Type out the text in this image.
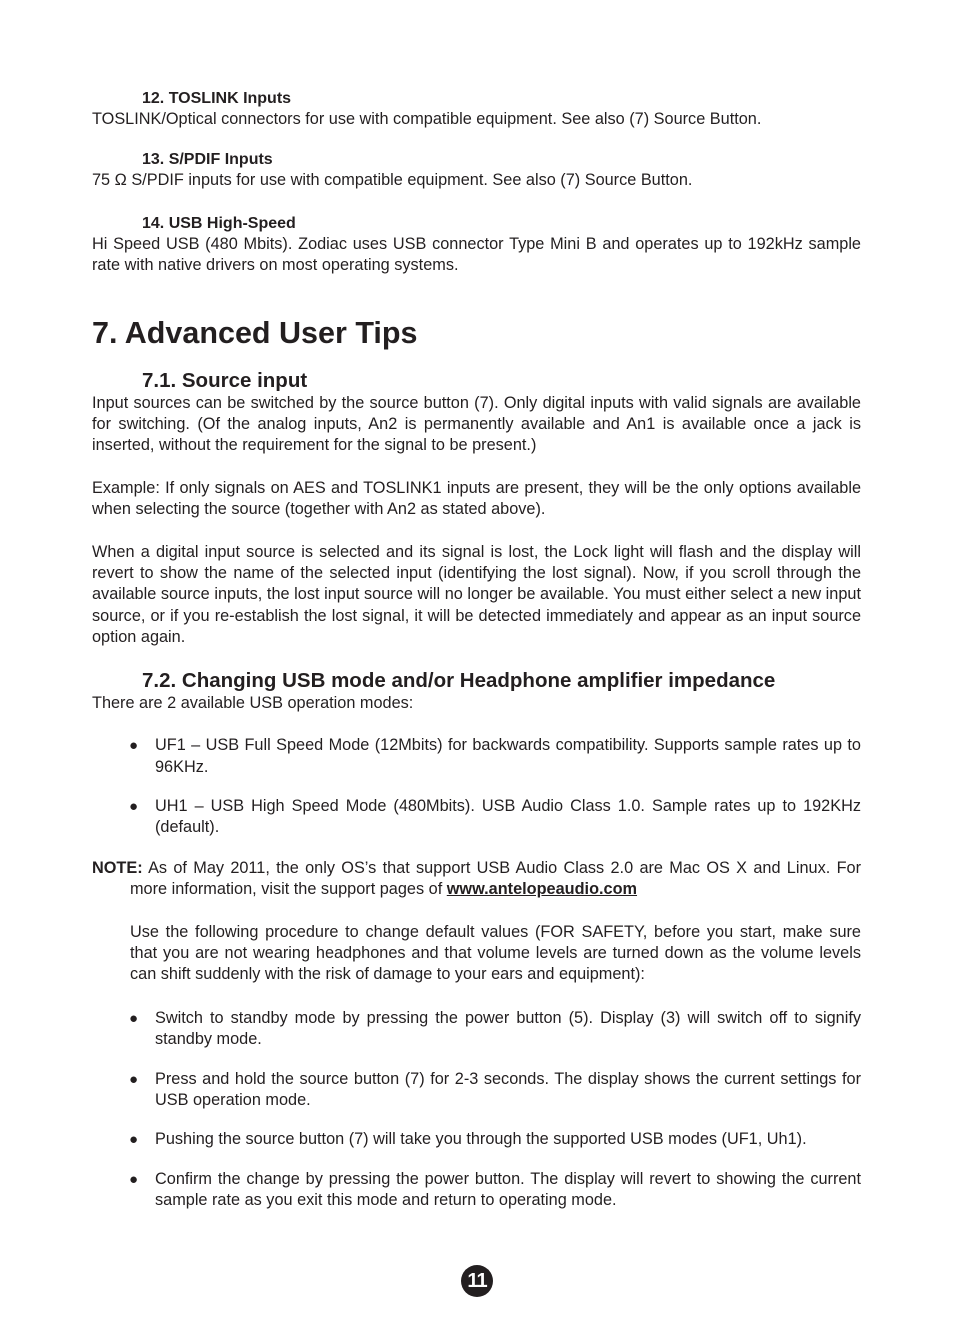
12. TOSLINK Inputs

TOSLINK/Optical connectors for use with compatible equipment. See also (7) Source Button.

13. S/PDIF Inputs

75 Ω S/PDIF inputs for use with compatible equipment. See also (7) Source Button.

14. USB High-Speed

Hi Speed USB (480 Mbits). Zodiac uses USB connector Type Mini B and operates up to 192kHz sample rate with native drivers on most operating systems.

7. Advanced User Tips
7.1. Source input

Input sources can be switched by the source button (7). Only digital inputs with valid signals are available for switching. (Of the analog inputs, An2 is permanently available and An1 is available once a jack is inserted, without the requirement for the signal to be present.)

Example: If only signals on AES and TOSLINK1 inputs are present, they will be the only options available when selecting the source (together with An2 as stated above).

When a digital input source is selected and its signal is lost, the Lock light will flash and the display will revert to show the name of the selected input (identifying the lost signal). Now, if you scroll through the available source inputs, the lost input source will no longer be available. You must either select a new input source, or if you re-establish the lost signal, it will be detected immediately and appear as an input source option again.

7.2. Changing USB mode and/or Headphone amplifier impedance

There are 2 available USB operation modes:

●	UF1 – USB Full Speed Mode (12Mbits) for backwards compatibility. Supports sample rates up to 96KHz.
●	UH1 – USB High Speed Mode (480Mbits). USB Audio Class 1.0. Sample rates up to 192KHz (default).

NOTE: As of May 2011, the only OS’s that support USB Audio Class 2.0 are Mac OS X and Linux. For more information, visit the support pages of www.antelopeaudio.com

Use the following procedure to change default values (FOR SAFETY, before you start, make sure that you are not wearing headphones and that volume levels are turned down as the volume levels can shift suddenly with the risk of damage to your ears and equipment):

●	Switch to standby mode by pressing the power button (5). Display (3) will switch off to signify standby mode.
●	Press and hold the source button (7) for 2-3 seconds. The display shows the current settings for USB operation mode.
●	Pushing the source button (7) will take you through the supported USB modes (UF1, Uh1).
●	Confirm the change by pressing the power button. The display will revert to showing the current sample rate as you exit this mode and return to operating mode.
11
